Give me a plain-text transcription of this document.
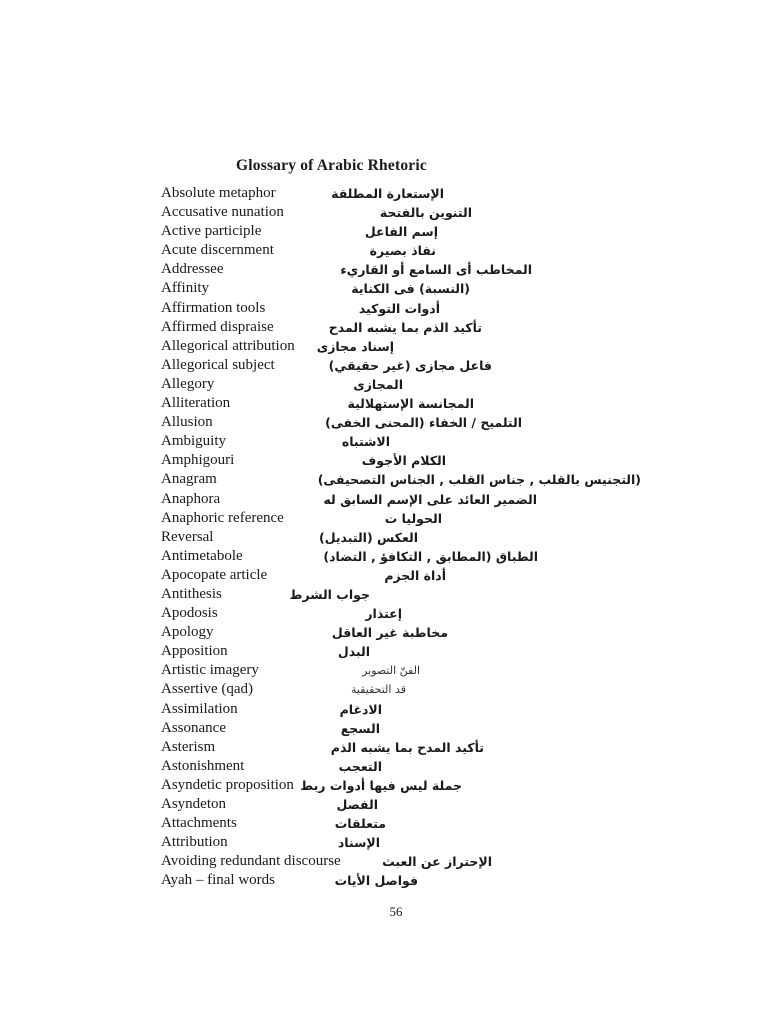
Glossary of Arabic Rhetoric
Absolute metaphor	الإستعارة المطلقة
Accusative nunation	التنوين بالفتحة
Active participle	إسم الفاعل
Acute discernment	نفاذ بصيرة
Addressee	المخاطب أى السامع أو القاريء
Affinity	(النسبة) فى الكناية
Affirmation tools	أدوات التوكيد
Affirmed dispraise	تأكيد الذم بما يشبه المدح
Allegorical attribution إسناد مجازى
Allegorical subject	فاعل مجازى (غير حقيقي)
Allegory	المجازى
Alliteration	المجانسة الإستهلالية
Allusion	التلميح / الخفاء (المحنى الخفى)
Ambiguity	الاشتباه
Amphigouri	الكلام الأجوف
Anagram	(التجنيس بالقلب , جناس القلب , الجناس التصحيفى)
Anaphora	الضمير العائد على الإسم السابق له
Anaphoric reference	الحوليا ت
Reversal	العكس (التبديل)
Antimetabole	الطباق (المطابق , التكافؤ , التضاد)
Apocopate article	أداة الجزم
Antithesis	جواب الشرط
Apodosis	إعتذار
Apology	مخاطبة غير العاقل
Apposition	البدل
Artistic imagery	الفنّ التصوير
Assertive (qad)	قد التحقيقية
Assimilation	الادغام
Assonance	السجع
Asterism	تأكيد المدح بما يشبه الذم
Astonishment	التعجب
Asyndetic proposition جملة ليس فيها أدوات ربط
Asyndeton	الفصل
Attachments	متعلقات
Attribution	الإسناد
Avoiding redundant discourse	الإحتراز عن العبث
Ayah – final words	فواصل الأيات
56
